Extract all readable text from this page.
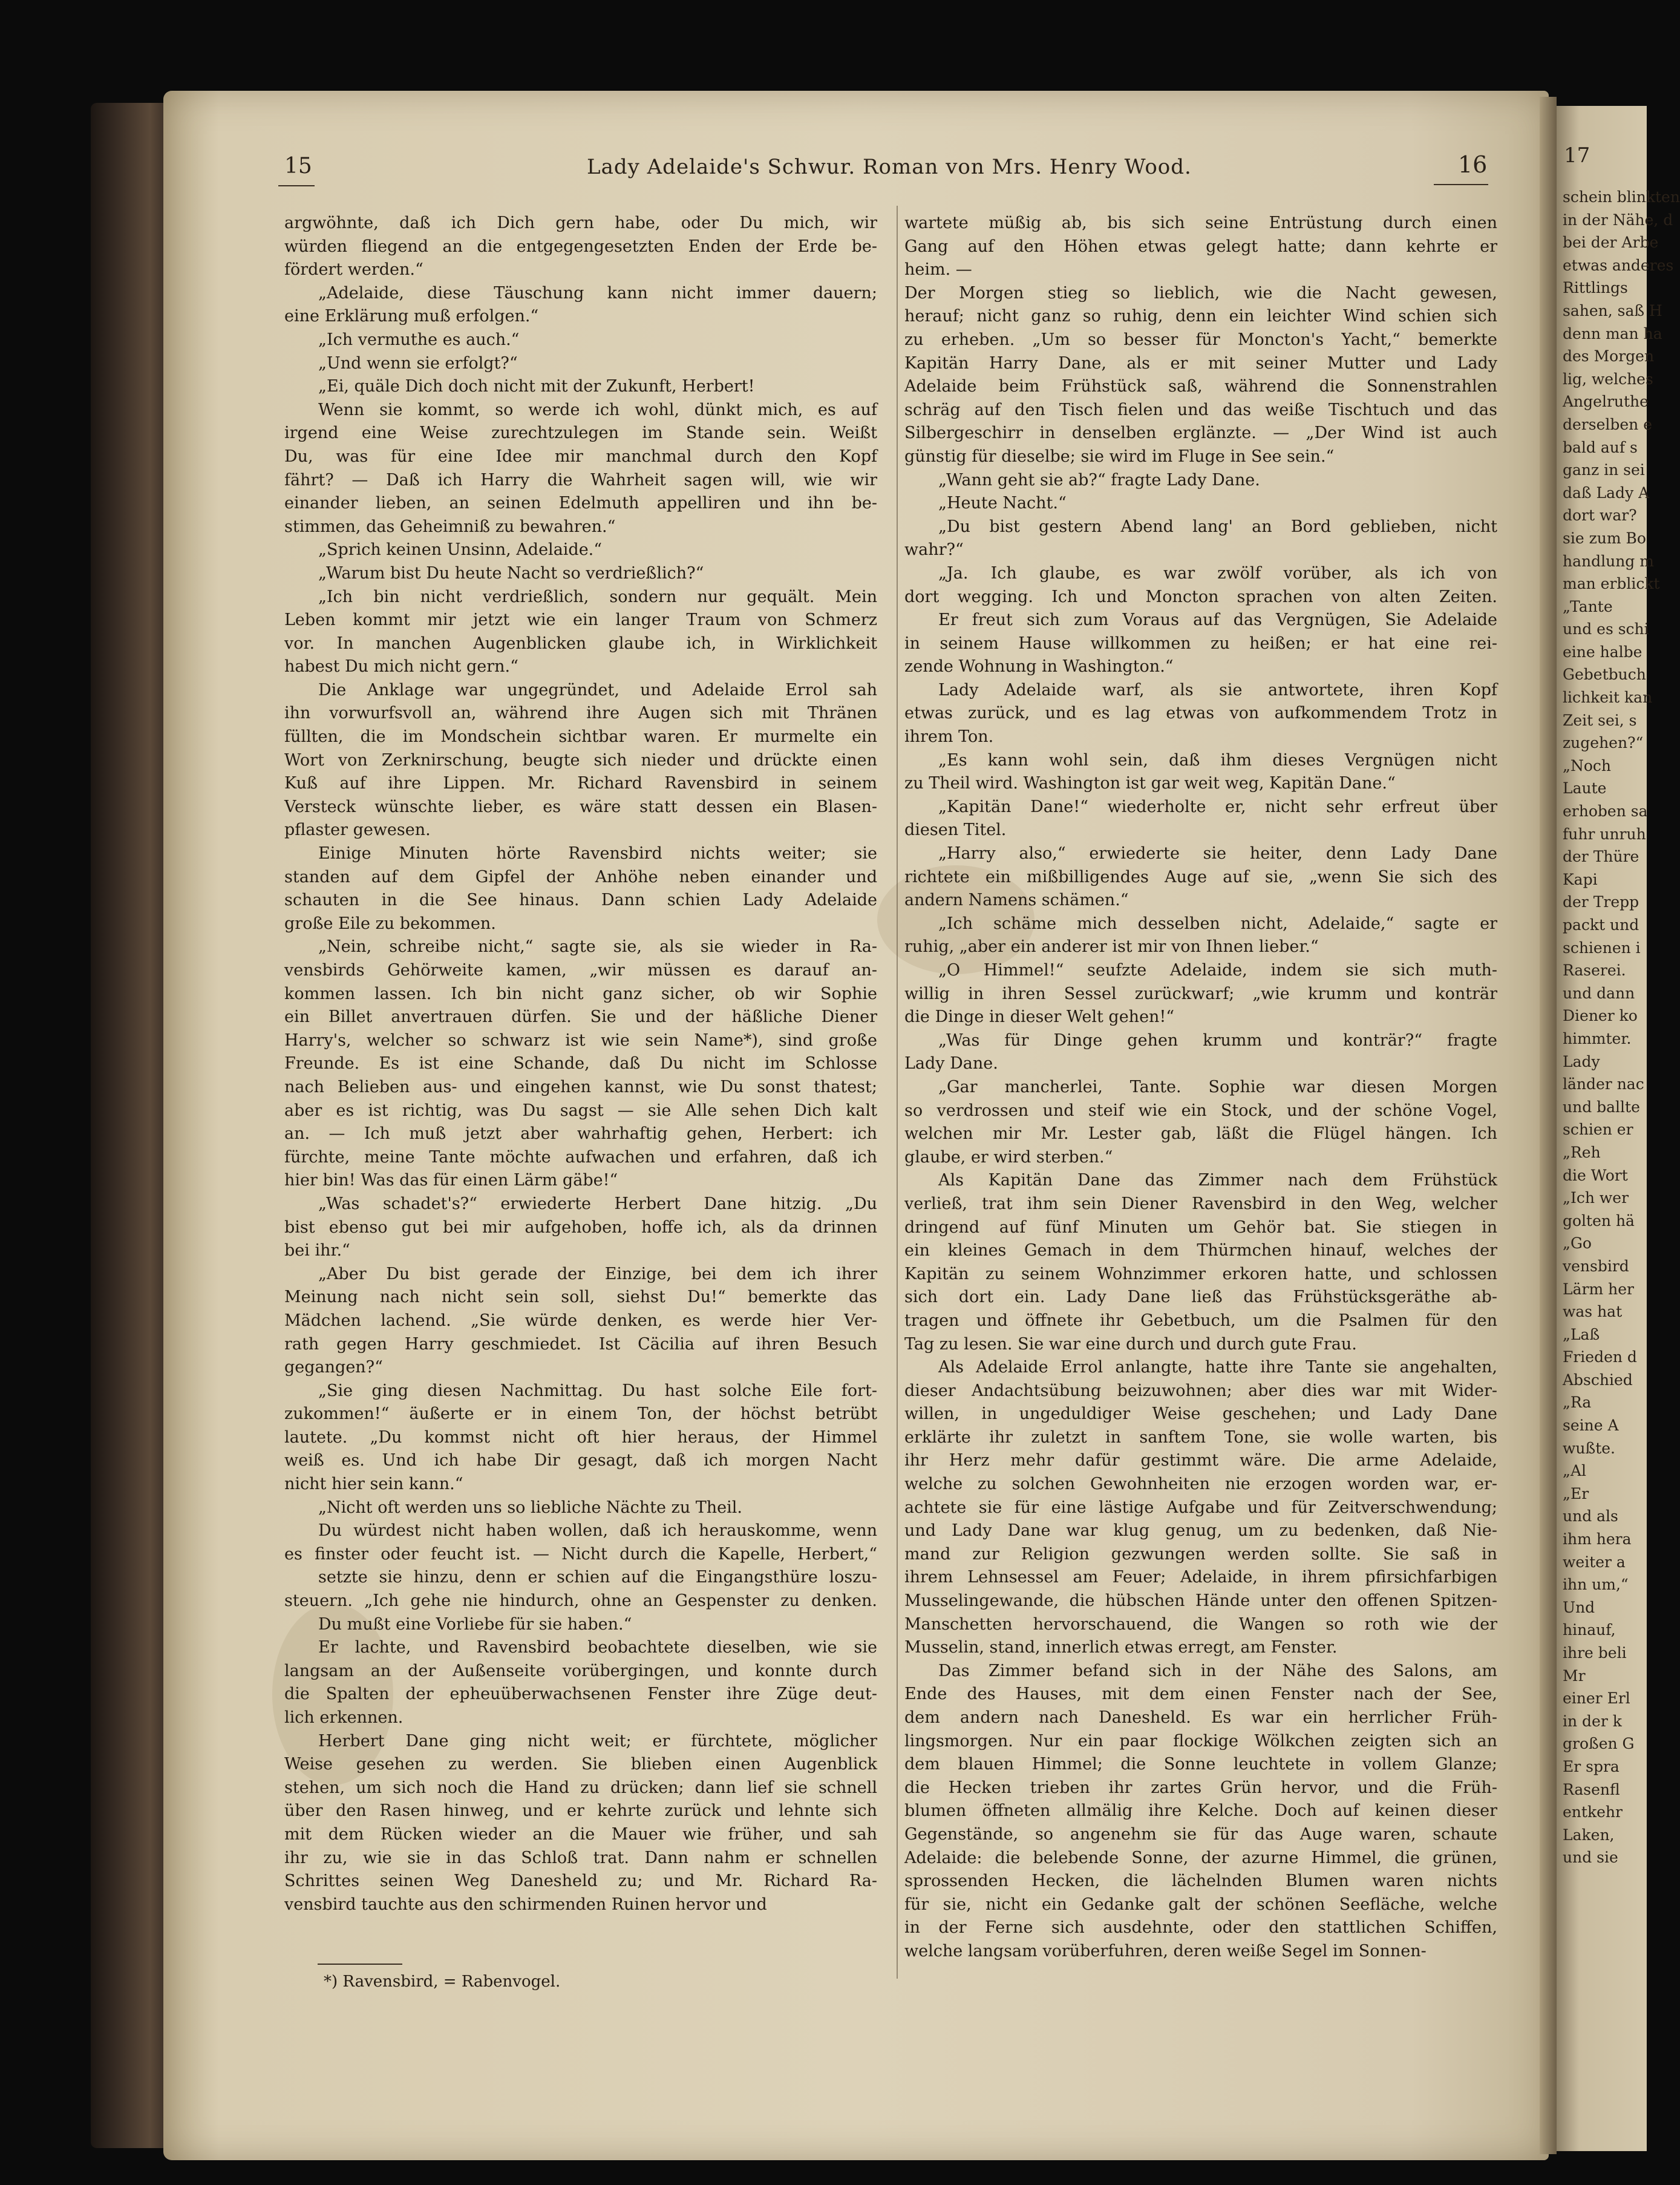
17
schein blinkten
in der Nähe, d
bei der Arbe
etwas anderes
Rittlings
sahen, saß H
denn man ha
des Morgen
lig, welches
Angelruthe
derselben e
bald auf s
ganz in sei
daß Lady A
dort war?
sie zum Bo
handlung m
man erblickt
„Tante
und es schi
eine halbe
Gebetbuch
lichkeit kan
Zeit sei, s
zugehen?“
„Noch
Laute
erhoben sa
fuhr unruh
der Thüre
Kapi
der Trepp
packt und
schienen i
Raserei.
und dann
Diener ko
himmter.
Lady
länder nac
und ballte
schien er
„Reh
die Wort
„Ich wer
golten hä
„Go
vensbird
Lärm her
was hat
„Laß
Frieden d
Abschied
„Ra
seine A
wußte.
„Al
„Er
und als
ihm hera
weiter a
ihn um,“
Und
hinauf,
ihre beli
Mr
einer Erl
in der k
großen G
Er spra
Rasenfl
entkehr
Laken,
und sie
15	Lady Adelaide's Schwur. Roman von Mrs. Henry Wood.	16
argwöhnte, daß ich Dich gern habe, oder Du mich, wir
würden fliegend an die entgegengesetzten Enden der Erde be-
fördert werden.“
„Adelaide, diese Täuschung kann nicht immer dauern;
eine Erklärung muß erfolgen.“
„Ich vermuthe es auch.“
„Und wenn sie erfolgt?“
„Ei, quäle Dich doch nicht mit der Zukunft, Herbert!
Wenn sie kommt, so werde ich wohl, dünkt mich, es auf
irgend eine Weise zurechtzulegen im Stande sein. Weißt
Du, was für eine Idee mir manchmal durch den Kopf
fährt? — Daß ich Harry die Wahrheit sagen will, wie wir
einander lieben, an seinen Edelmuth appelliren und ihn be-
stimmen, das Geheimniß zu bewahren.“
„Sprich keinen Unsinn, Adelaide.“
„Warum bist Du heute Nacht so verdrießlich?“
„Ich bin nicht verdrießlich, sondern nur gequält. Mein
Leben kommt mir jetzt wie ein langer Traum von Schmerz
vor. In manchen Augenblicken glaube ich, in Wirklichkeit
habest Du mich nicht gern.“
Die Anklage war ungegründet, und Adelaide Errol sah
ihn vorwurfsvoll an, während ihre Augen sich mit Thränen
füllten, die im Mondschein sichtbar waren. Er murmelte ein
Wort von Zerknirschung, beugte sich nieder und drückte einen
Kuß auf ihre Lippen. Mr. Richard Ravensbird in seinem
Versteck wünschte lieber, es wäre statt dessen ein Blasen-
pflaster gewesen.
Einige Minuten hörte Ravensbird nichts weiter; sie
standen auf dem Gipfel der Anhöhe neben einander und
schauten in die See hinaus. Dann schien Lady Adelaide
große Eile zu bekommen.
„Nein, schreibe nicht,“ sagte sie, als sie wieder in Ra-
vensbirds Gehörweite kamen, „wir müssen es darauf an-
kommen lassen. Ich bin nicht ganz sicher, ob wir Sophie
ein Billet anvertrauen dürfen. Sie und der häßliche Diener
Harry's, welcher so schwarz ist wie sein Name*), sind große
Freunde. Es ist eine Schande, daß Du nicht im Schlosse
nach Belieben aus- und eingehen kannst, wie Du sonst thatest;
aber es ist richtig, was Du sagst — sie Alle sehen Dich kalt
an. — Ich muß jetzt aber wahrhaftig gehen, Herbert: ich
fürchte, meine Tante möchte aufwachen und erfahren, daß ich
hier bin! Was das für einen Lärm gäbe!“
„Was schadet's?“ erwiederte Herbert Dane hitzig. „Du
bist ebenso gut bei mir aufgehoben, hoffe ich, als da drinnen
bei ihr.“
„Aber Du bist gerade der Einzige, bei dem ich ihrer
Meinung nach nicht sein soll, siehst Du!“ bemerkte das
Mädchen lachend. „Sie würde denken, es werde hier Ver-
rath gegen Harry geschmiedet. Ist Cäcilia auf ihren Besuch
gegangen?“
„Sie ging diesen Nachmittag. Du hast solche Eile fort-
zukommen!“ äußerte er in einem Ton, der höchst betrübt
lautete. „Du kommst nicht oft hier heraus, der Himmel
weiß es. Und ich habe Dir gesagt, daß ich morgen Nacht
nicht hier sein kann.“
„Nicht oft werden uns so liebliche Nächte zu Theil.
Du würdest nicht haben wollen, daß ich herauskomme, wenn
es finster oder feucht ist. — Nicht durch die Kapelle, Herbert,“
setzte sie hinzu, denn er schien auf die Eingangsthüre loszu-
steuern. „Ich gehe nie hindurch, ohne an Gespenster zu denken.
Du mußt eine Vorliebe für sie haben.“
Er lachte, und Ravensbird beobachtete dieselben, wie sie
langsam an der Außenseite vorübergingen, und konnte durch
die Spalten der epheuüberwachsenen Fenster ihre Züge deut-
lich erkennen.
Herbert Dane ging nicht weit; er fürchtete, möglicher
Weise gesehen zu werden. Sie blieben einen Augenblick
stehen, um sich noch die Hand zu drücken; dann lief sie schnell
über den Rasen hinweg, und er kehrte zurück und lehnte sich
mit dem Rücken wieder an die Mauer wie früher, und sah
ihr zu, wie sie in das Schloß trat. Dann nahm er schnellen
Schrittes seinen Weg Danesheld zu; und Mr. Richard Ra-
vensbird tauchte aus den schirmenden Ruinen hervor und
wartete müßig ab, bis sich seine Entrüstung durch einen
Gang auf den Höhen etwas gelegt hatte; dann kehrte er
heim. —
Der Morgen stieg so lieblich, wie die Nacht gewesen,
herauf; nicht ganz so ruhig, denn ein leichter Wind schien sich
zu erheben. „Um so besser für Moncton's Yacht,“ bemerkte
Kapitän Harry Dane, als er mit seiner Mutter und Lady
Adelaide beim Frühstück saß, während die Sonnenstrahlen
schräg auf den Tisch fielen und das weiße Tischtuch und das
Silbergeschirr in denselben erglänzte. — „Der Wind ist auch
günstig für dieselbe; sie wird im Fluge in See sein.“
„Wann geht sie ab?“ fragte Lady Dane.
„Heute Nacht.“
„Du bist gestern Abend lang' an Bord geblieben, nicht
wahr?“
„Ja. Ich glaube, es war zwölf vorüber, als ich von
dort wegging. Ich und Moncton sprachen von alten Zeiten.
Er freut sich zum Voraus auf das Vergnügen, Sie Adelaide
in seinem Hause willkommen zu heißen; er hat eine rei-
zende Wohnung in Washington.“
Lady Adelaide warf, als sie antwortete, ihren Kopf
etwas zurück, und es lag etwas von aufkommendem Trotz in
ihrem Ton.
„Es kann wohl sein, daß ihm dieses Vergnügen nicht
zu Theil wird. Washington ist gar weit weg, Kapitän Dane.“
„Kapitän Dane!“ wiederholte er, nicht sehr erfreut über
diesen Titel.
„Harry also,“ erwiederte sie heiter, denn Lady Dane
richtete ein mißbilligendes Auge auf sie, „wenn Sie sich des
andern Namens schämen.“
„Ich schäme mich desselben nicht, Adelaide,“ sagte er
ruhig, „aber ein anderer ist mir von Ihnen lieber.“
„O Himmel!“ seufzte Adelaide, indem sie sich muth-
willig in ihren Sessel zurückwarf; „wie krumm und konträr
die Dinge in dieser Welt gehen!“
„Was für Dinge gehen krumm und konträr?“ fragte
Lady Dane.
„Gar mancherlei, Tante. Sophie war diesen Morgen
so verdrossen und steif wie ein Stock, und der schöne Vogel,
welchen mir Mr. Lester gab, läßt die Flügel hängen. Ich
glaube, er wird sterben.“
Als Kapitän Dane das Zimmer nach dem Frühstück
verließ, trat ihm sein Diener Ravensbird in den Weg, welcher
dringend auf fünf Minuten um Gehör bat. Sie stiegen in
ein kleines Gemach in dem Thürmchen hinauf, welches der
Kapitän zu seinem Wohnzimmer erkoren hatte, und schlossen
sich dort ein. Lady Dane ließ das Frühstücksgeräthe ab-
tragen und öffnete ihr Gebetbuch, um die Psalmen für den
Tag zu lesen. Sie war eine durch und durch gute Frau.
Als Adelaide Errol anlangte, hatte ihre Tante sie angehalten,
dieser Andachtsübung beizuwohnen; aber dies war mit Wider-
willen, in ungeduldiger Weise geschehen; und Lady Dane
erklärte ihr zuletzt in sanftem Tone, sie wolle warten, bis
ihr Herz mehr dafür gestimmt wäre. Die arme Adelaide,
welche zu solchen Gewohnheiten nie erzogen worden war, er-
achtete sie für eine lästige Aufgabe und für Zeitverschwendung;
und Lady Dane war klug genug, um zu bedenken, daß Nie-
mand zur Religion gezwungen werden sollte. Sie saß in
ihrem Lehnsessel am Feuer; Adelaide, in ihrem pfirsichfarbigen
Musselingewande, die hübschen Hände unter den offenen Spitzen-
Manschetten hervorschauend, die Wangen so roth wie der
Musselin, stand, innerlich etwas erregt, am Fenster.
Das Zimmer befand sich in der Nähe des Salons, am
Ende des Hauses, mit dem einen Fenster nach der See,
dem andern nach Danesheld. Es war ein herrlicher Früh-
lingsmorgen. Nur ein paar flockige Wölkchen zeigten sich an
dem blauen Himmel; die Sonne leuchtete in vollem Glanze;
die Hecken trieben ihr zartes Grün hervor, und die Früh-
blumen öffneten allmälig ihre Kelche. Doch auf keinen dieser
Gegenstände, so angenehm sie für das Auge waren, schaute
Adelaide: die belebende Sonne, der azurne Himmel, die grünen,
sprossenden Hecken, die lächelnden Blumen waren nichts
für sie, nicht ein Gedanke galt der schönen Seefläche, welche
in der Ferne sich ausdehnte, oder den stattlichen Schiffen,
welche langsam vorüberfuhren, deren weiße Segel im Sonnen-
*) Ravensbird, = Rabenvogel.
